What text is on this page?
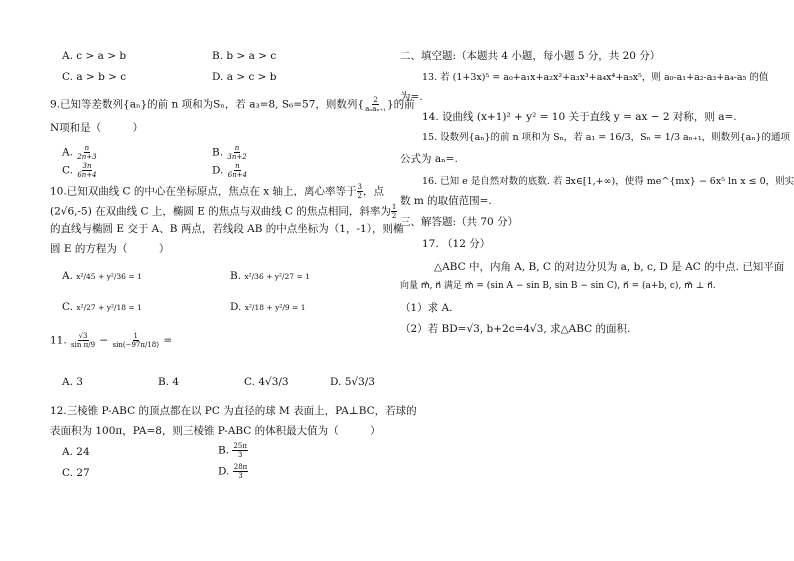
A. c > a > b	B. b > a > c
C. a > b > c	D. a > c > b
9.已知等差数列{aₙ}的前 n 项和为Sₙ，若 a₃=8, S₆=57，则数列{ $\frac{2}{\text{aₙaₙ₊₁}}$ }的前
N项和是（　　　）
A. $\frac{n}{2n+3}$	B. $\frac{n}{3n+2}$
C. $\frac{3n}{6n+4}$	D. $\frac{n}{6n+4}$
10.已知双曲线 C 的中心在坐标原点，焦点在 x 轴上，离心率等于 $\frac{3}{2}$ ，点
(2√6,-5) 在双曲线 C 上，椭圆 E 的焦点与双曲线 C 的焦点相同，斜率为 $\frac{1}{2}$
的直线与椭圆 E 交于 A、B 两点，若线段 AB 的中点坐标为（1，-1），则椭
圆 E 的方程为（　　　）
A. x²/45 + y²/36 = 1	B. x²/36 + y²/27 = 1
C. x²/27 + y²/18 = 1	D. x²/18 + y²/9 = 1
11. $\frac{√3}{\text{sin π/9}} - \frac{1}{\sin(-97\pi/18)}$ =
A. 3	B. 4	C. 4√3/3	D. 5√3/3
12.三棱锥 P-ABC 的顶点都在以 PC 为直径的球 M 表面上，PA⊥BC，若球的
表面积为 100π，PA=8，则三棱锥 P-ABC 的体积最大值为（　　　）
A. 24	B. $\frac{25\pi}{3}$
C. 27	D. $\frac{28\pi}{3}$
二、填空题:（本题共 4 小题，每小题 5 分，共 20 分）
13. 若 (1+3x)⁵ = a₀+a₁x+a₂x²+a₃x³+a₄x⁴+a₅x⁵，则 a₀-a₁+a₂-a₃+a₄-a₅ 的值
为=.
14. 设曲线 (x+1)² + y² = 10 关于直线 y = ax − 2 对称，则 a=.
15. 设数列{aₙ}的前 n 项和为 Sₙ，若 a₁ = 16/3，Sₙ = 1/3 aₙ₊₁，则数列{aₙ}的通项
公式为 aₙ=.
16. 已知 e 是自然对数的底数. 若 ∃x∈[1,+∞)，使得 me^{mx} − 6x⁵ ln x ≤ 0，则实
数 m 的取值范围=.
三、解答题:（共 70 分）
17. （12 分）
△ABC 中，内角 A, B, C 的对边分贝为 a, b, c, D 是 AC 的中点. 已知平面
向量 m⃗, n⃗ 满足 m⃗ = (sin A − sin B, sin B − sin C), n⃗ = (a+b, c), m⃗ ⊥ n⃗.
（1）求 A.
（2）若 BD=√3, b+2c=4√3, 求△ABC 的面积.
